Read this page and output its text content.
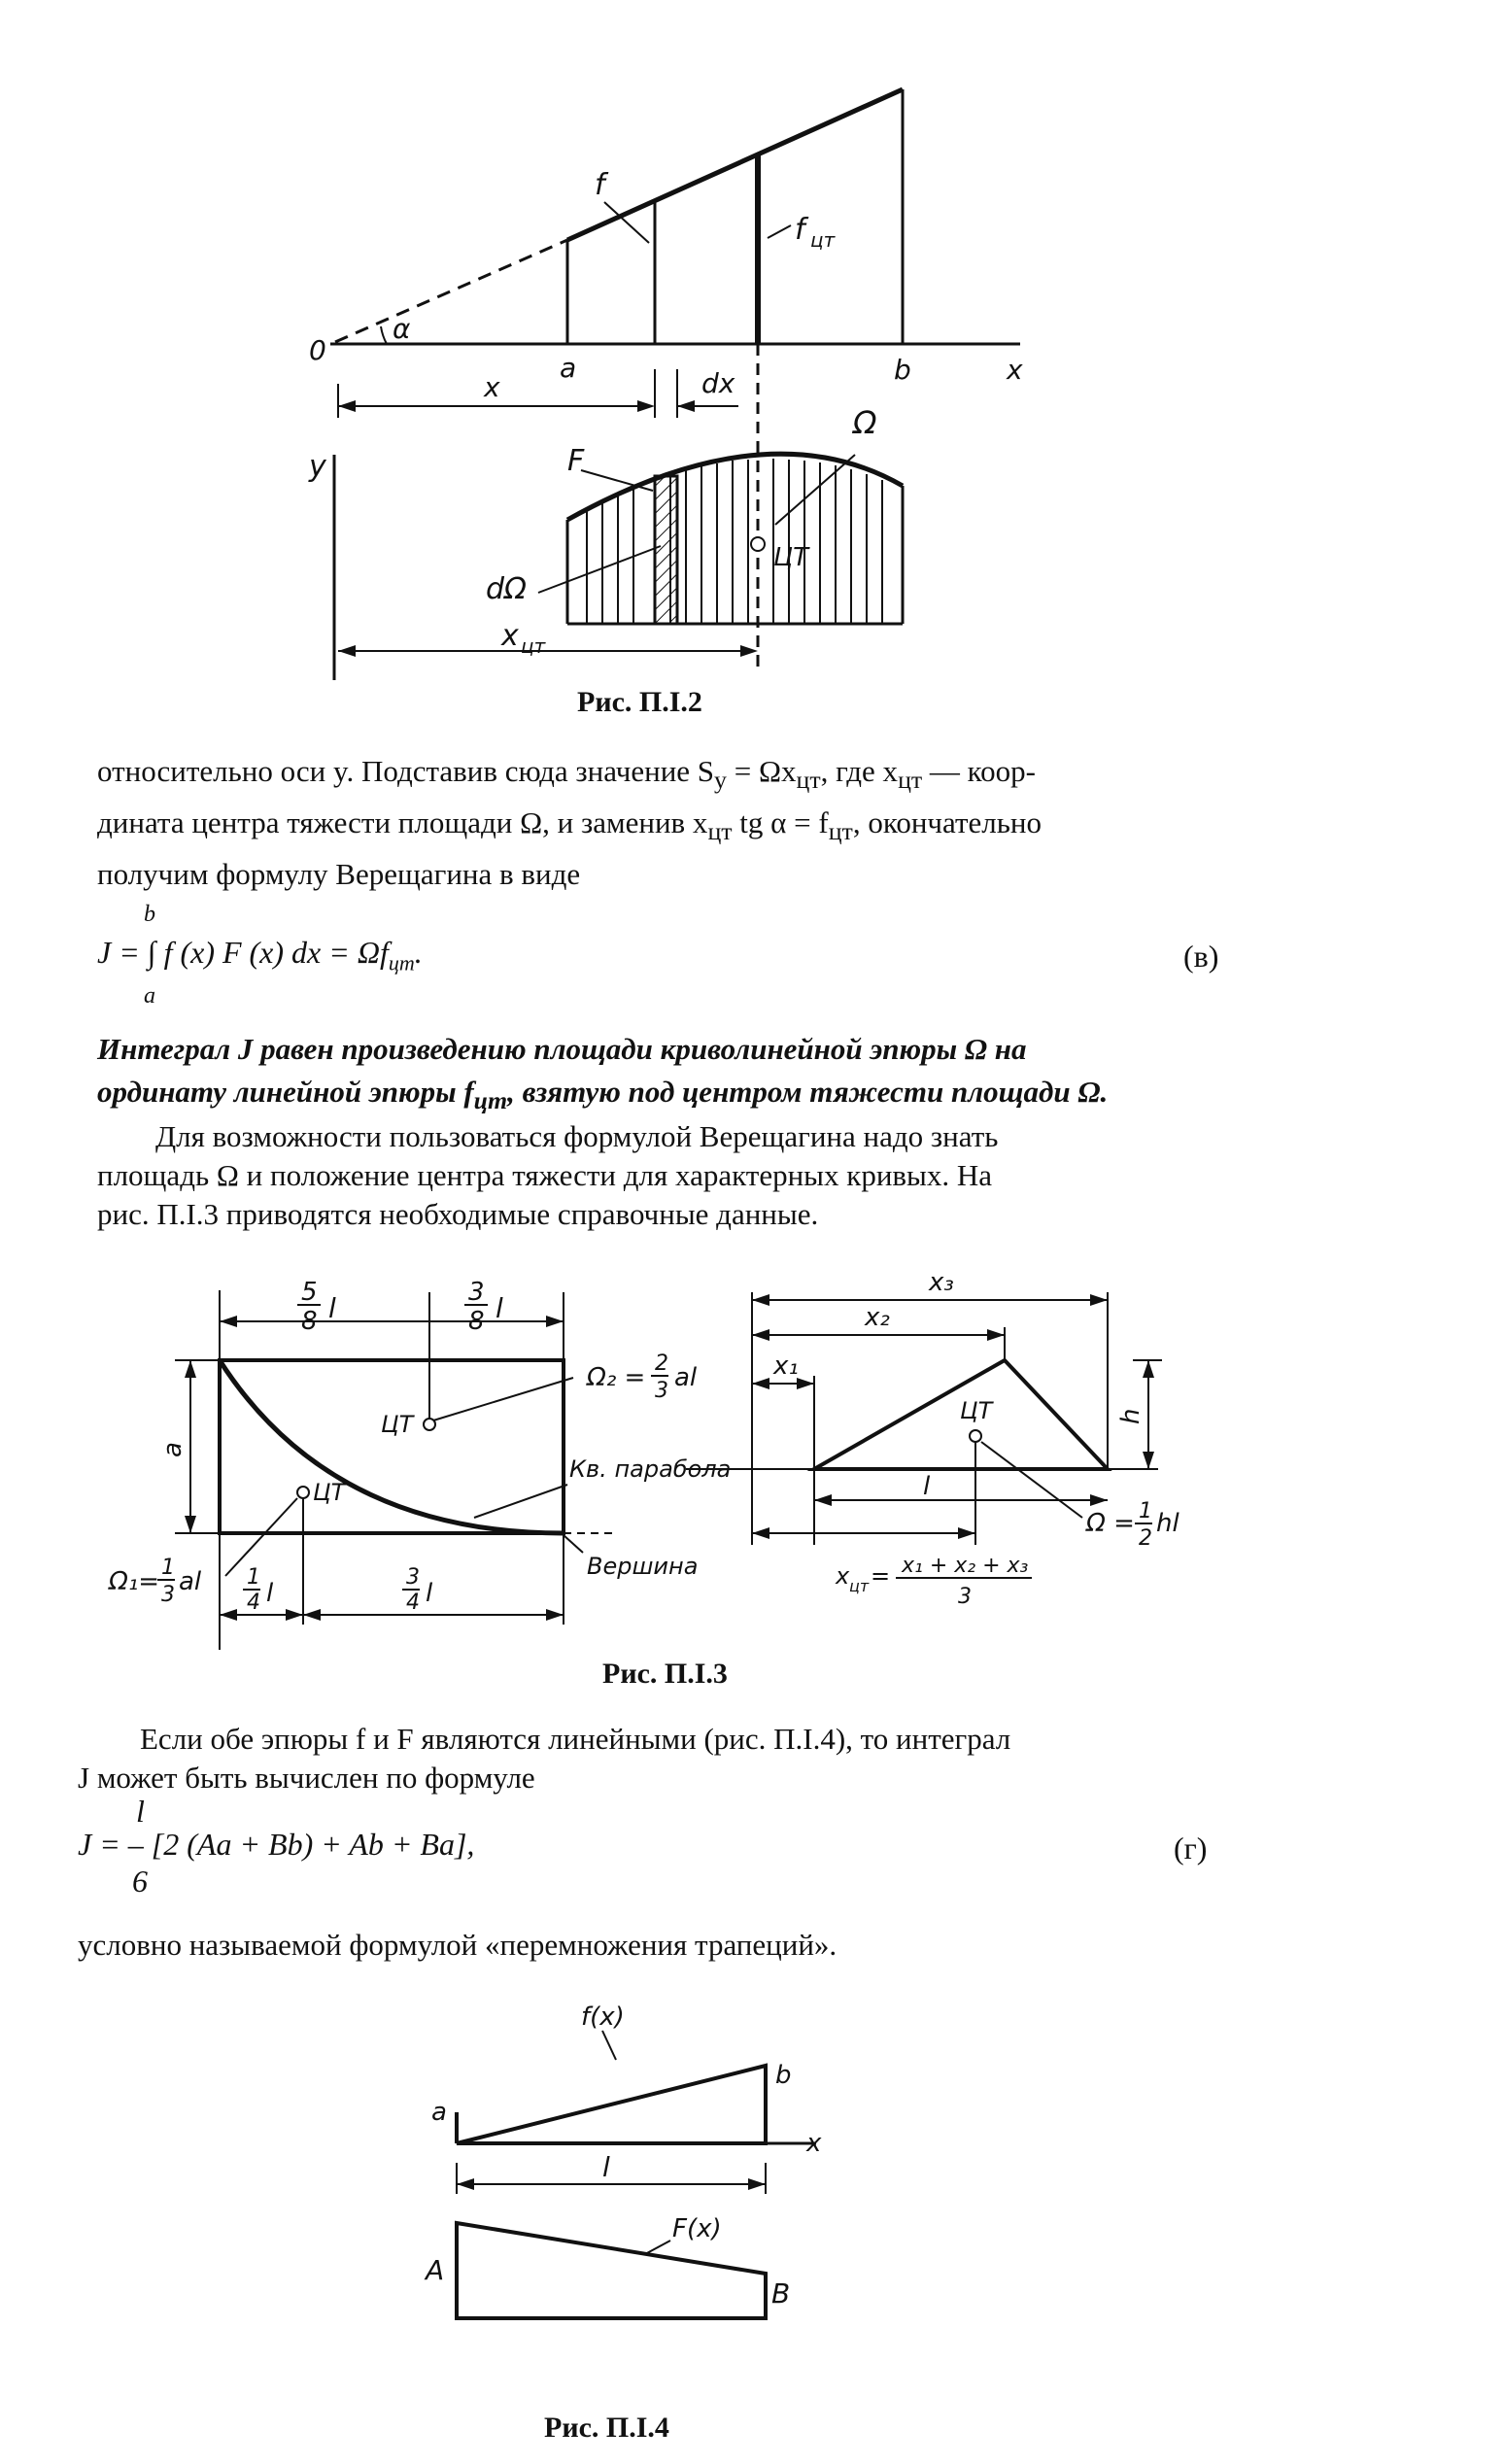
0
α
f
f цт
a	b	x
x	dx
y
Ω
F
ЦТ
dΩ
x цт
Рис. П.I.2
относительно оси y. Подставив сюда значение $S_y = \Omega x_{цт}$, где $x_{цт}$ — коор-
дината центра тяжести площади Ω, и заменив $x_{цт}$ tg $\alpha = f_{цт}$, окончательно
получим формулу Верещагина в виде
b
J = ∫ f (x) F (x) dx = $\Omega f_{цт}$.
a
(в)
Интеграл J равен произведению площади криволинейной эпюры Ω на
ординату линейной эпюры $f_{цт}$, взятую под центром тяжести площади Ω.
Для возможности пользоваться формулой Верещагина надо знать
площадь Ω и положение центра тяжести для характерных кривых. На
рис. П.I.3 приводятся необходимые справочные данные.
5
8 l	3
8 l
a
ЦТ
Ω₂ = 2
3 al
ЦТ
Кв. парабола
Вершина
Ω₁= 1
3 al 1
4 l
3
4 l
x₃
x₂
x₁
h
ЦТ
l
Ω = 1
2
hl
x цт = x₁ + x₂ + x₃
3
Рис. П.I.3
Если обе эпюры f и F являются линейными (рис. П.I.4), то интеграл
J может быть вычислен по формуле
l
J = ‒ [2 (Aa + Bb) + Ab + Ba],
6
(г)
условно называемой формулой «перемножения трапеций».
f(x)
a
b
x
l
F(x)
A
B
Рис. П.I.4
